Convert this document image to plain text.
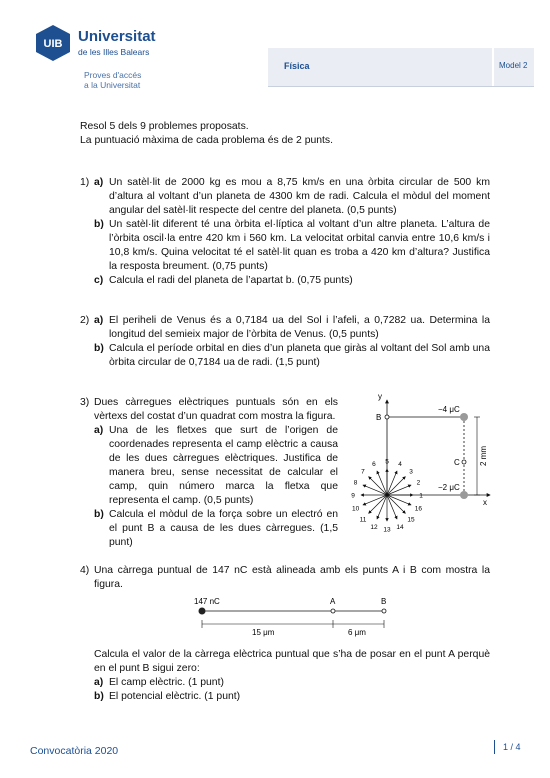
UIB Universitat
de les Illes Balears
Proves d'accés
a la Universitat
Física	Model 2
Resol 5 dels 9 problemes proposats.
La puntuació màxima de cada problema és de 2 punts.
1) a) Un satèl·lit de 2000 kg es mou a 8,75 km/s en una òrbita circular de 500 km d’altura al voltant d’un planeta de 4300 km de radi. Calcula el mòdul del moment angular del satèl·lit respecte del centre del planeta. (0,5 punts)
b) Un satèl·lit diferent té una òrbita el·líptica al voltant d’un altre planeta. L’altura de l’òrbita oscil·la entre 420 km i 560 km. La velocitat orbital canvia entre 10,6 km/s i 10,8 km/s. Quina velocitat té el satèl·lit quan es troba a 420 km d’altura? Justifica la resposta breument. (0,75 punts)
c) Calcula el radi del planeta de l’apartat b. (0,75 punts)
2) a) El periheli de Venus és a 0,7184 ua del Sol i l’afeli, a 0,7282 ua. Determina la longitud del semieix major de l’òrbita de Venus. (0,5 punts)
b) Calcula el període orbital en dies d’un planeta que giràs al voltant del Sol amb una òrbita circular de 0,7184 ua de radi. (1,5 punt)
3) Dues càrregues elèctriques puntuals són en els vèrtexs del costat d’un quadrat com mostra la figura.
a) Una de les fletxes que surt de l’origen de coordenades representa el camp elèctric a causa de les dues càrregues elèctriques. Justifica de manera breu, sense necessitat de calcular el camp, quin número marca la fletxa que representa el camp. (0,5 punts)
b) Calcula el mòdul de la força sobre un electró en el punt B a causa de les dues càrregues. (1,5 punt)
4) Una càrrega puntual de 147 nC està alineada amb els punts A i B com mostra la figura.
Calcula el valor de la càrrega elèctrica puntual que s’ha de posar en el punt A perquè en el punt B sigui zero:
a) El camp elèctric. (1 punt)
b) El potencial elèctric. (1 punt)
y
x
2 mm
B
−4 μC
C
−2 μC
1
2
3
4
5
6
7
8
9
10
11
12 13 14
15
16
147 nC	A	B
15 μm	6 μm
Convocatòria 2020	1 / 4
